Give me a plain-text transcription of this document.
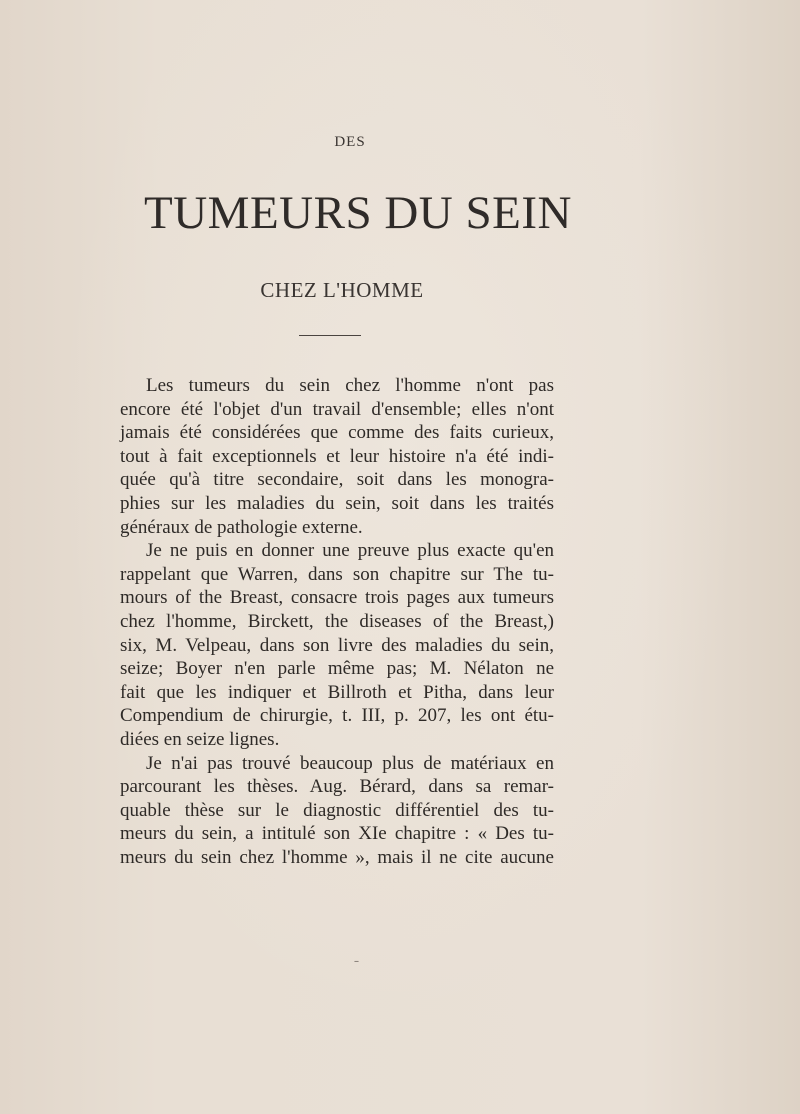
DES
TUMEURS DU SEIN
CHEZ L'HOMME
Les tumeurs du sein chez l'homme n'ont pas
encore été l'objet d'un travail d'ensemble; elles n'ont
jamais été considérées que comme des faits curieux,
tout à fait exceptionnels et leur histoire n'a été indi-
quée qu'à titre secondaire, soit dans les monogra-
phies sur les maladies du sein, soit dans les traités
généraux de pathologie externe.
Je ne puis en donner une preuve plus exacte qu'en
rappelant que Warren, dans son chapitre sur The tu-
mours of the Breast, consacre trois pages aux tumeurs
chez l'homme, Birckett, the diseases of the Breast,)
six, M. Velpeau, dans son livre des maladies du sein,
seize; Boyer n'en parle même pas; M. Nélaton ne
fait que les indiquer et Billroth et Pitha, dans leur
Compendium de chirurgie, t. III, p. 207, les ont étu-
diées en seize lignes.
Je n'ai pas trouvé beaucoup plus de matériaux en
parcourant les thèses. Aug. Bérard, dans sa remar-
quable thèse sur le diagnostic différentiel des tu-
meurs du sein, a intitulé son XIe chapitre : « Des tu-
meurs du sein chez l'homme », mais il ne cite aucune
–
